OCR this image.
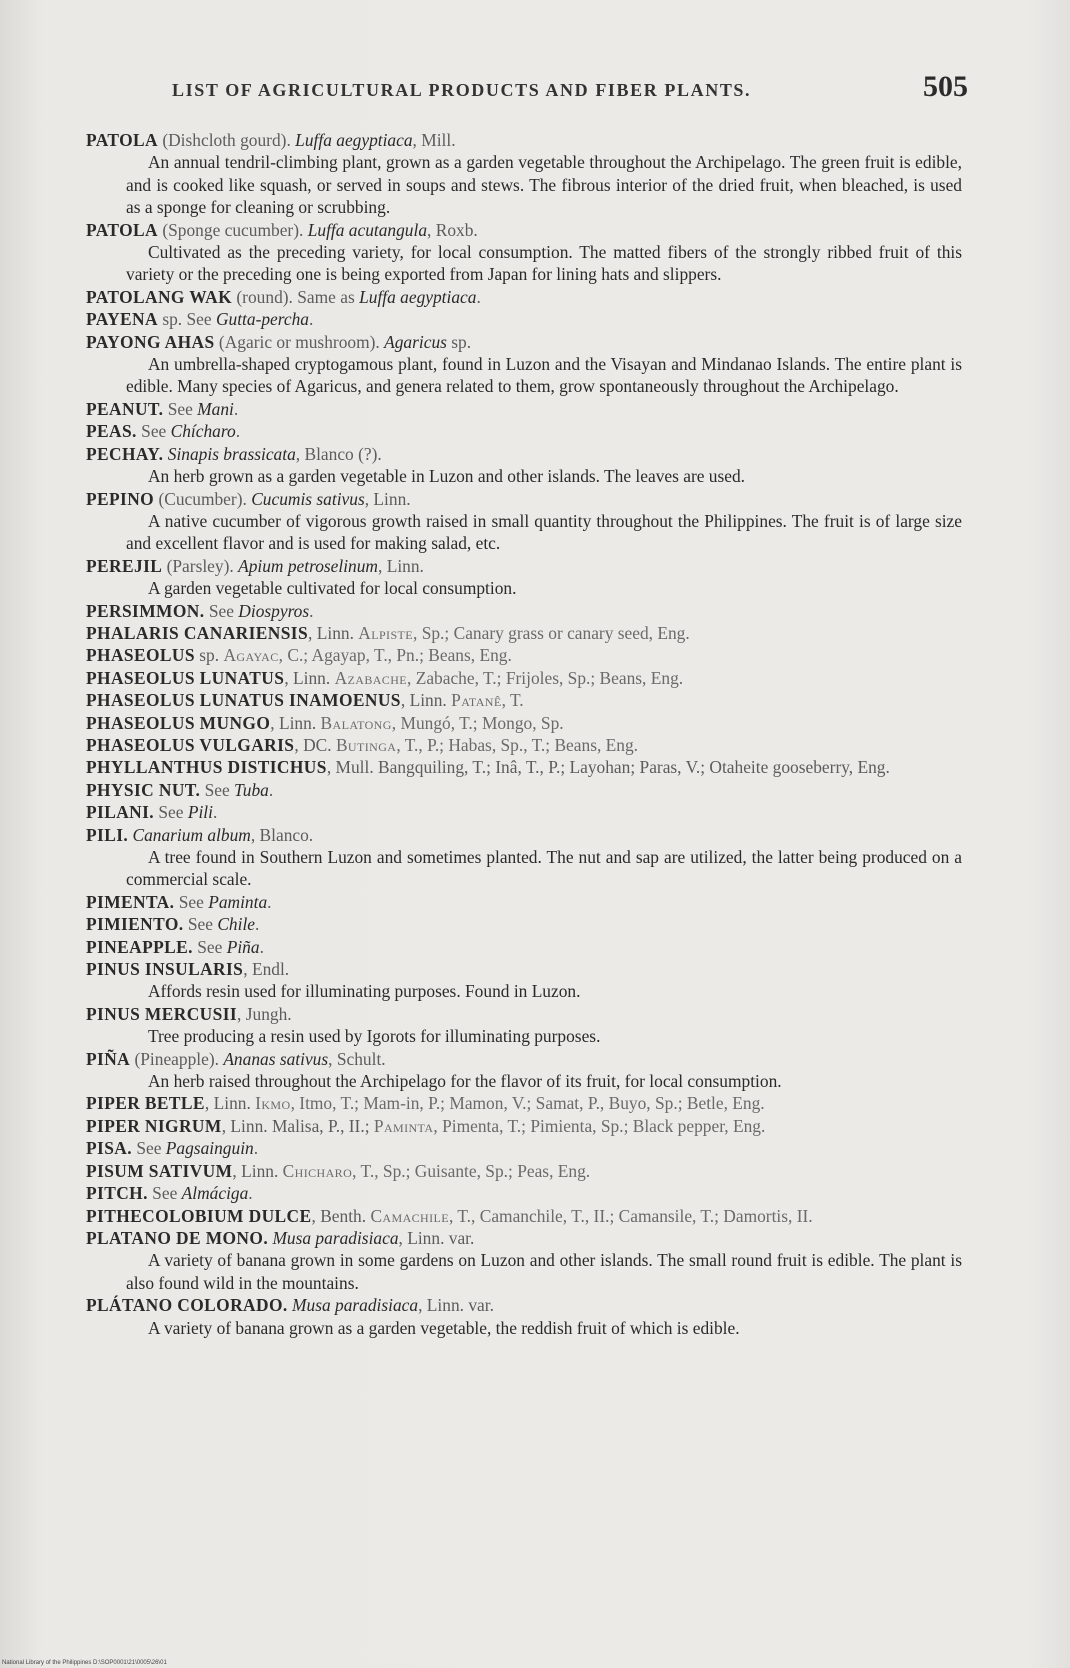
LIST OF AGRICULTURAL PRODUCTS AND FIBER PLANTS.	505
PATOLA (Dishcloth gourd). Luffa aegyptiaca, Mill.
An annual tendril-climbing plant, grown as a garden vegetable throughout the Archipelago. The green fruit is edible, and is cooked like squash, or served in soups and stews. The fibrous interior of the dried fruit, when bleached, is used as a sponge for cleaning or scrubbing.
PATOLA (Sponge cucumber). Luffa acutangula, Roxb.
Cultivated as the preceding variety, for local consumption. The matted fibers of the strongly ribbed fruit of this variety or the preceding one is being exported from Japan for lining hats and slippers.
PATOLANG WAK (round). Same as Luffa aegyptiaca.
PAYENA sp. See Gutta-percha.
PAYONG AHAS (Agaric or mushroom). Agaricus sp.
An umbrella-shaped cryptogamous plant, found in Luzon and the Visayan and Mindanao Islands. The entire plant is edible. Many species of Agaricus, and genera related to them, grow spontaneously throughout the Archipelago.
PEANUT. See Mani.
PEAS. See Chícharo.
PECHAY. Sinapis brassicata, Blanco (?).
An herb grown as a garden vegetable in Luzon and other islands. The leaves are used.
PEPINO (Cucumber). Cucumis sativus, Linn.
A native cucumber of vigorous growth raised in small quantity throughout the Philippines. The fruit is of large size and excellent flavor and is used for making salad, etc.
PEREJIL (Parsley). Apium petroselinum, Linn.
A garden vegetable cultivated for local consumption.
PERSIMMON. See Diospyros.
PHALARIS CANARIENSIS, Linn. Alpiste, Sp.; Canary grass or canary seed, Eng.
PHASEOLUS sp. Agayac, C.; Agayap, T., Pn.; Beans, Eng.
PHASEOLUS LUNATUS, Linn. Azabache, Zabache, T.; Frijoles, Sp.; Beans, Eng.
PHASEOLUS LUNATUS INAMOENUS, Linn. Patanê, T.
PHASEOLUS MUNGO, Linn. Balatong, Mungó, T.; Mongo, Sp.
PHASEOLUS VULGARIS, DC. Butinga, T., P.; Habas, Sp., T.; Beans, Eng.
PHYLLANTHUS DISTICHUS, Mull. Bangquiling, T.; Inâ, T., P.; Layohan; Paras, V.; Otaheite gooseberry, Eng.
PHYSIC NUT. See Tuba.
PILANI. See Pili.
PILI. Canarium album, Blanco.
A tree found in Southern Luzon and sometimes planted. The nut and sap are utilized, the latter being produced on a commercial scale.
PIMENTA. See Paminta.
PIMIENTO. See Chile.
PINEAPPLE. See Piña.
PINUS INSULARIS, Endl.
Affords resin used for illuminating purposes. Found in Luzon.
PINUS MERCUSII, Jungh.
Tree producing a resin used by Igorots for illuminating purposes.
PIÑA (Pineapple). Ananas sativus, Schult.
An herb raised throughout the Archipelago for the flavor of its fruit, for local consumption.
PIPER BETLE, Linn. Ikmo, Itmo, T.; Mam-in, P.; Mamon, V.; Samat, P., Buyo, Sp.; Betle, Eng.
PIPER NIGRUM, Linn. Malisa, P., II.; Paminta, Pimenta, T.; Pimienta, Sp.; Black pepper, Eng.
PISA. See Pagsainguin.
PISUM SATIVUM, Linn. Chicharo, T., Sp.; Guisante, Sp.; Peas, Eng.
PITCH. See Almáciga.
PITHECOLOBIUM DULCE, Benth. Camachile, T., Camanchile, T., II.; Camansile, T.; Damortis, II.
PLATANO DE MONO. Musa paradisiaca, Linn. var.
A variety of banana grown in some gardens on Luzon and other islands. The small round fruit is edible. The plant is also found wild in the mountains.
PLÁTANO COLORADO. Musa paradisiaca, Linn. var.
A variety of banana grown as a garden vegetable, the reddish fruit of which is edible.
National Library of the Philippines D:\SOP0001\21\0005\26\01
